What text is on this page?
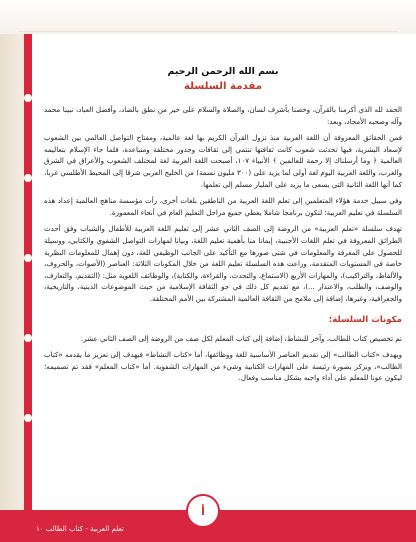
بسم الله الرحمن الرحيم
مقدمة السلسلة

الحمد لله الذي أكرمنا بالقرآن، وخصنا بأشرف لسان، والصلاة والسلام على خير من نطق بالضاد، وأفضل العباد، نبينا محمد وآله وصحبه الأمجاد، وبعد:

فمن الحقائق المعروفة أن اللغة العربية منذ نزول القرآن الكريم بها لغة عالمية، ومفتاح التواصل العالمي بين الشعوب لإسعاد البشرية، فبها تحدثت شعوب كانت ثقافتها تنتمي إلى ثقافات وجذور مختلفة ومتباعدة، فلما جاء الإسلام بتعاليمه العالمية ﴿ وما أرسلناك إلا رحمة للعالمين ﴾ الأنبياء ١٠٧، أصبحت اللغة العربية لغة لمختلف الشعوب والأعراق في الشرق والغرب، واللغة العربية اليوم لغة أولى لما يزيد على (٣٠٠ مليون نسمة) من الخليج العربي شرقا إلى المحيط الأطلسي غربا، كما أنها اللغة الثانية التي يسعى ما يزيد على المليار مسلم إلى تعلمها.

وفي سبيل خدمة هؤلاء المتعلمين إلى تعلم اللغة العربية من الناطقين بلغات أخرى، رأت مؤسسة مناهج العالمية إعداد هذه السلسلة في تعليم العربية؛ لتكون برنامجا شاملا يغطي جميع مراحل التعليم العام في أنحاء المعمورة.

تهدف سلسلة «تعلم العربية» من الروضة إلى الصف الثاني عشر إلى تعليم اللغة العربية للأطفال والشباب وفق أحدث الطرائق المعروفة في تعلم اللغات الأجنبية، إيمانا منا بأهمية تعليم اللغة، وبيانا لمهارات التواصل الشفوي والكتابي، ووسيلة للحصول على المعرفة والمعلومات في شتى صورها مع التأكيد على الجانب الوظيفي للغة، دون إهمال للمعلومات النظرية خاصة في المستويات المتقدمة، وراعت هذه السلسلة تعليم اللغة من خلال المكونات الثلاثة: العناصر (الأصوات، والحروف، والألفاظ، والتراكيب)، والمهارات الأربع (الاستماع، والتحدث، والقراءة، والكتابة)، والوظائف اللغوية مثل: (التقديم، والتعارف، والوصف، والطلب، والاعتذار ...)، مع تقديم كل ذلك في جو الثقافة الإسلامية من حيث الموضوعات الدينية، والتاريخية، والجغرافية، وغيرها، إضافة إلى ملامح من الثقافة العالمية المشتركة بين الأمم المختلفة.

مكونات السلسلة:

تم تخصيص كتاب للطالب، وآخر للنشاط، إضافة إلى كتاب المعلم لكل صف من الروضة إلى الصف الثاني عشر.

ويهدف «كتاب الطالب» إلى تقديم العناصر الأساسية للغة ووظائفها، أما «كتاب النشاط» فيهدف إلى تعزيز ما يقدمه «كتاب الطالب»، ويركز بصورة رئيسة على المهارات الكتابية وشيء من المهارات الشفوية. أما «كتاب المعلم» فقد تم تصميمه؛ ليكون عونا للمعلم على أداء واجبه بشكل مناسب وفعال.

تعلم العربية - كتاب الطالب ١٠
أ
